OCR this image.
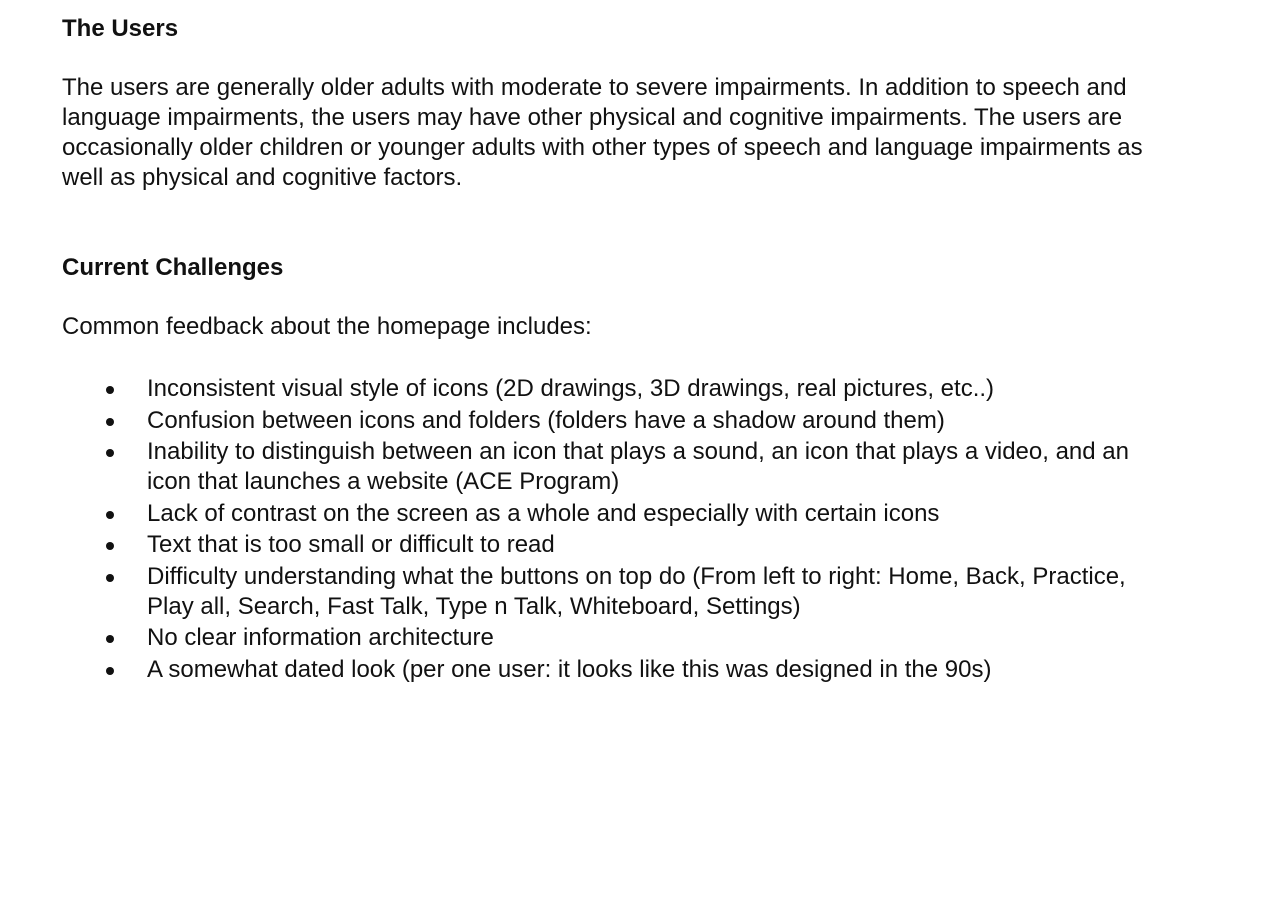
The Users

The users are generally older adults with moderate to severe impairments. In addition to speech and language impairments, the users may have other physical and cognitive impairments. The users are occasionally older children or younger adults with other types of speech and language impairments as well as physical and cognitive factors.

Current Challenges

Common feedback about the homepage includes:

Inconsistent visual style of icons (2D drawings, 3D drawings, real pictures, etc..)
Confusion between icons and folders (folders have a shadow around them)
Inability to distinguish between an icon that plays a sound, an icon that plays a video, and an icon that launches a website (ACE Program)
Lack of contrast on the screen as a whole and especially with certain icons
Text that is too small or difficult to read
Difficulty understanding what the buttons on top do (From left to right: Home, Back, Practice, Play all, Search, Fast Talk, Type n Talk, Whiteboard, Settings)
No clear information architecture
A somewhat dated look (per one user: it looks like this was designed in the 90s)
